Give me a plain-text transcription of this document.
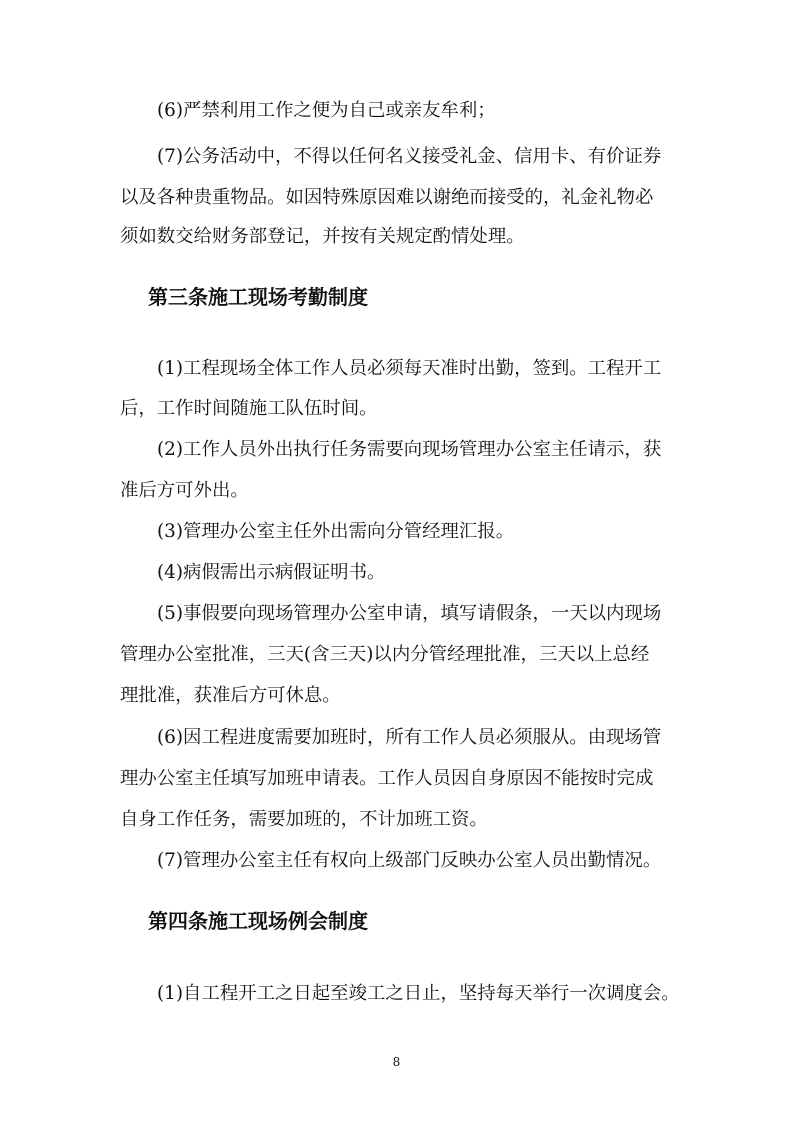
(6)严禁利用工作之便为自己或亲友牟利；
(7)公务活动中，不得以任何名义接受礼金、信用卡、有价证券
以及各种贵重物品。如因特殊原因难以谢绝而接受的，礼金礼物必
须如数交给财务部登记，并按有关规定酌情处理。
第三条施工现场考勤制度
(1)工程现场全体工作人员必须每天准时出勤，签到。工程开工
后，工作时间随施工队伍时间。
(2)工作人员外出执行任务需要向现场管理办公室主任请示，获
准后方可外出。
(3)管理办公室主任外出需向分管经理汇报。
(4)病假需出示病假证明书。
(5)事假要向现场管理办公室申请，填写请假条，一天以内现场
管理办公室批准，三天(含三天)以内分管经理批准，三天以上总经
理批准，获准后方可休息。
(6)因工程进度需要加班时，所有工作人员必须服从。由现场管
理办公室主任填写加班申请表。工作人员因自身原因不能按时完成
自身工作任务，需要加班的，不计加班工资。
(7)管理办公室主任有权向上级部门反映办公室人员出勤情况。
第四条施工现场例会制度
(1)自工程开工之日起至竣工之日止，坚持每天举行一次调度会。
8
